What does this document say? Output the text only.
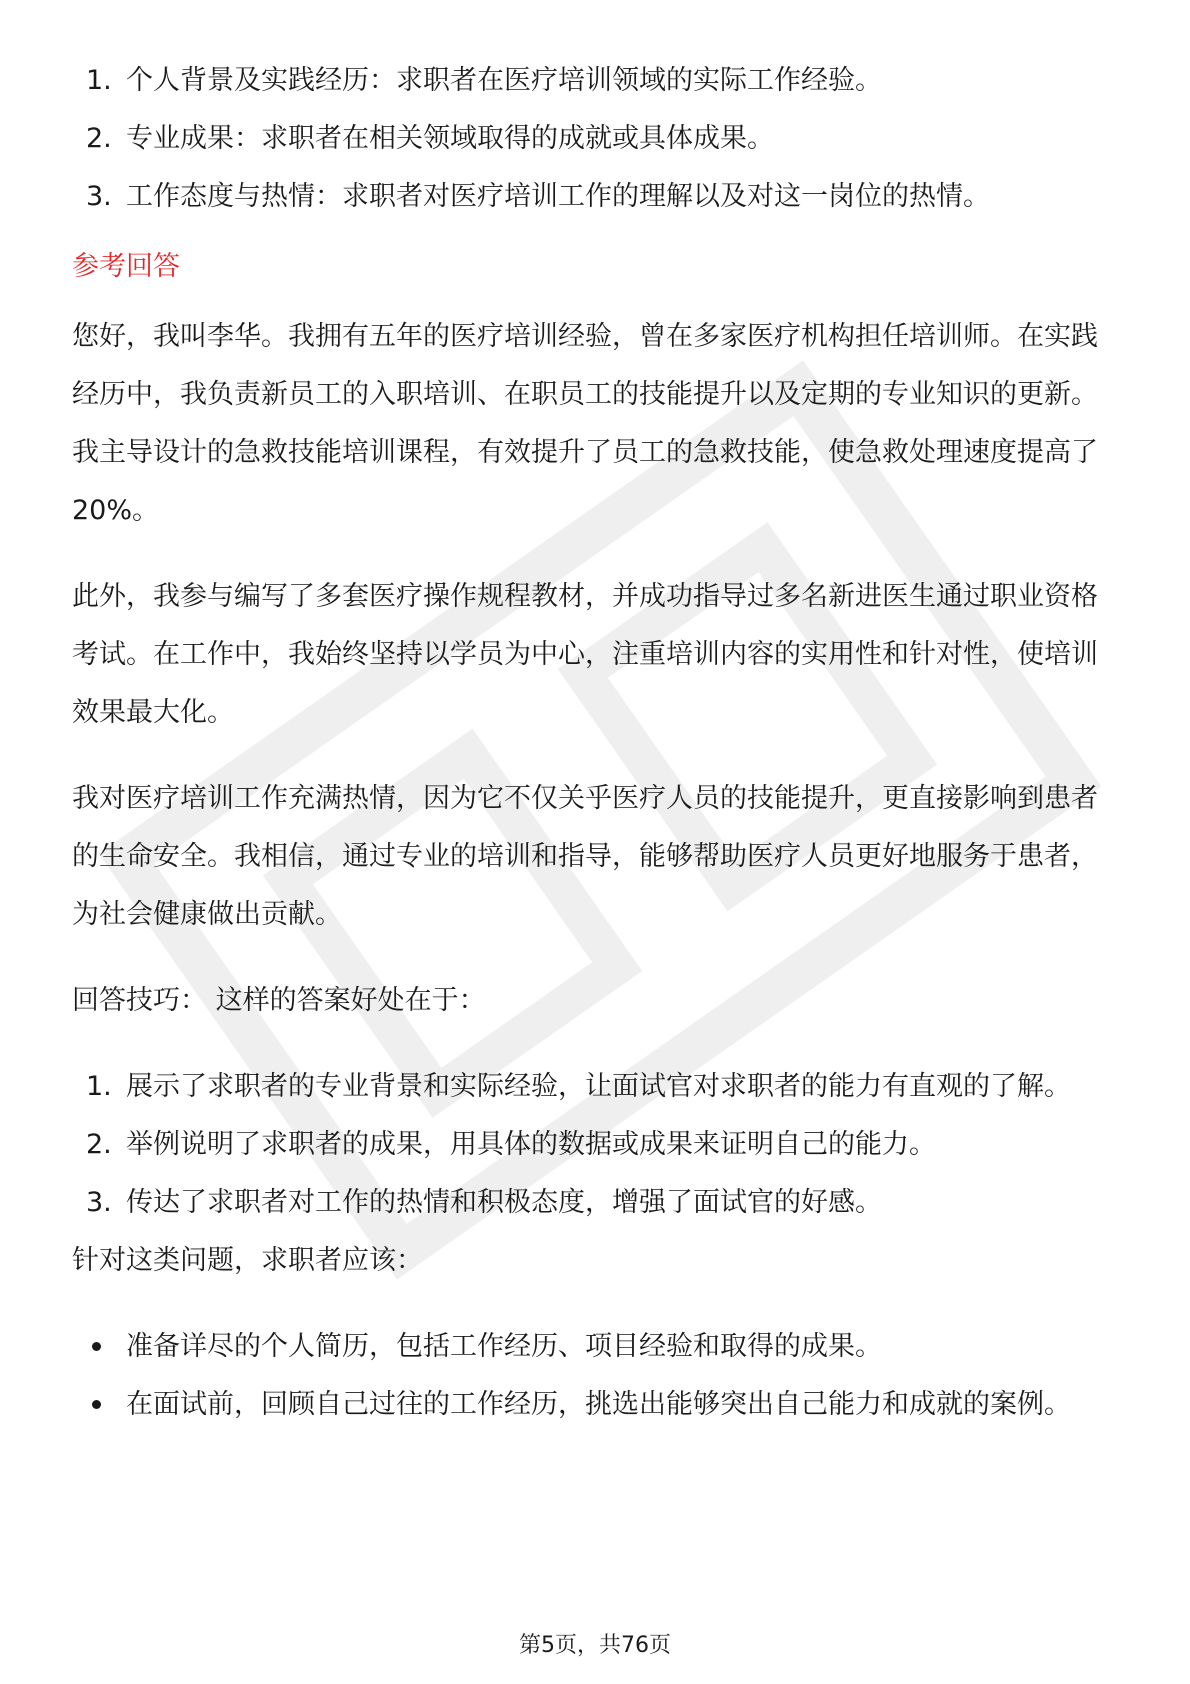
1. 个人背景及实践经历：求职者在医疗培训领域的实际工作经验。
2. 专业成果：求职者在相关领域取得的成就或具体成果。
3. 工作态度与热情：求职者对医疗培训工作的理解以及对这一岗位的热情。
参考回答

您好，我叫李华。我拥有五年的医疗培训经验，曾在多家医疗机构担任培训师。在实践经历中，我负责新员工的入职培训、在职员工的技能提升以及定期的专业知识的更新。我主导设计的急救技能培训课程，有效提升了员工的急救技能，使急救处理速度提高了20%。

此外，我参与编写了多套医疗操作规程教材，并成功指导过多名新进医生通过职业资格考试。在工作中，我始终坚持以学员为中心，注重培训内容的实用性和针对性，使培训效果最大化。

我对医疗培训工作充满热情，因为它不仅关乎医疗人员的技能提升，更直接影响到患者的生命安全。我相信，通过专业的培训和指导，能够帮助医疗人员更好地服务于患者，为社会健康做出贡献。

回答技巧： 这样的答案好处在于：

1. 展示了求职者的专业背景和实际经验，让面试官对求职者的能力有直观的了解。
2. 举例说明了求职者的成果，用具体的数据或成果来证明自己的能力。
3. 传达了求职者对工作的热情和积极态度，增强了面试官的好感。

针对这类问题，求职者应该：

准备详尽的个人简历，包括工作经历、项目经验和取得的成果。
在面试前，回顾自己过往的工作经历，挑选出能够突出自己能力和成就的案例。
第5页，共76页
